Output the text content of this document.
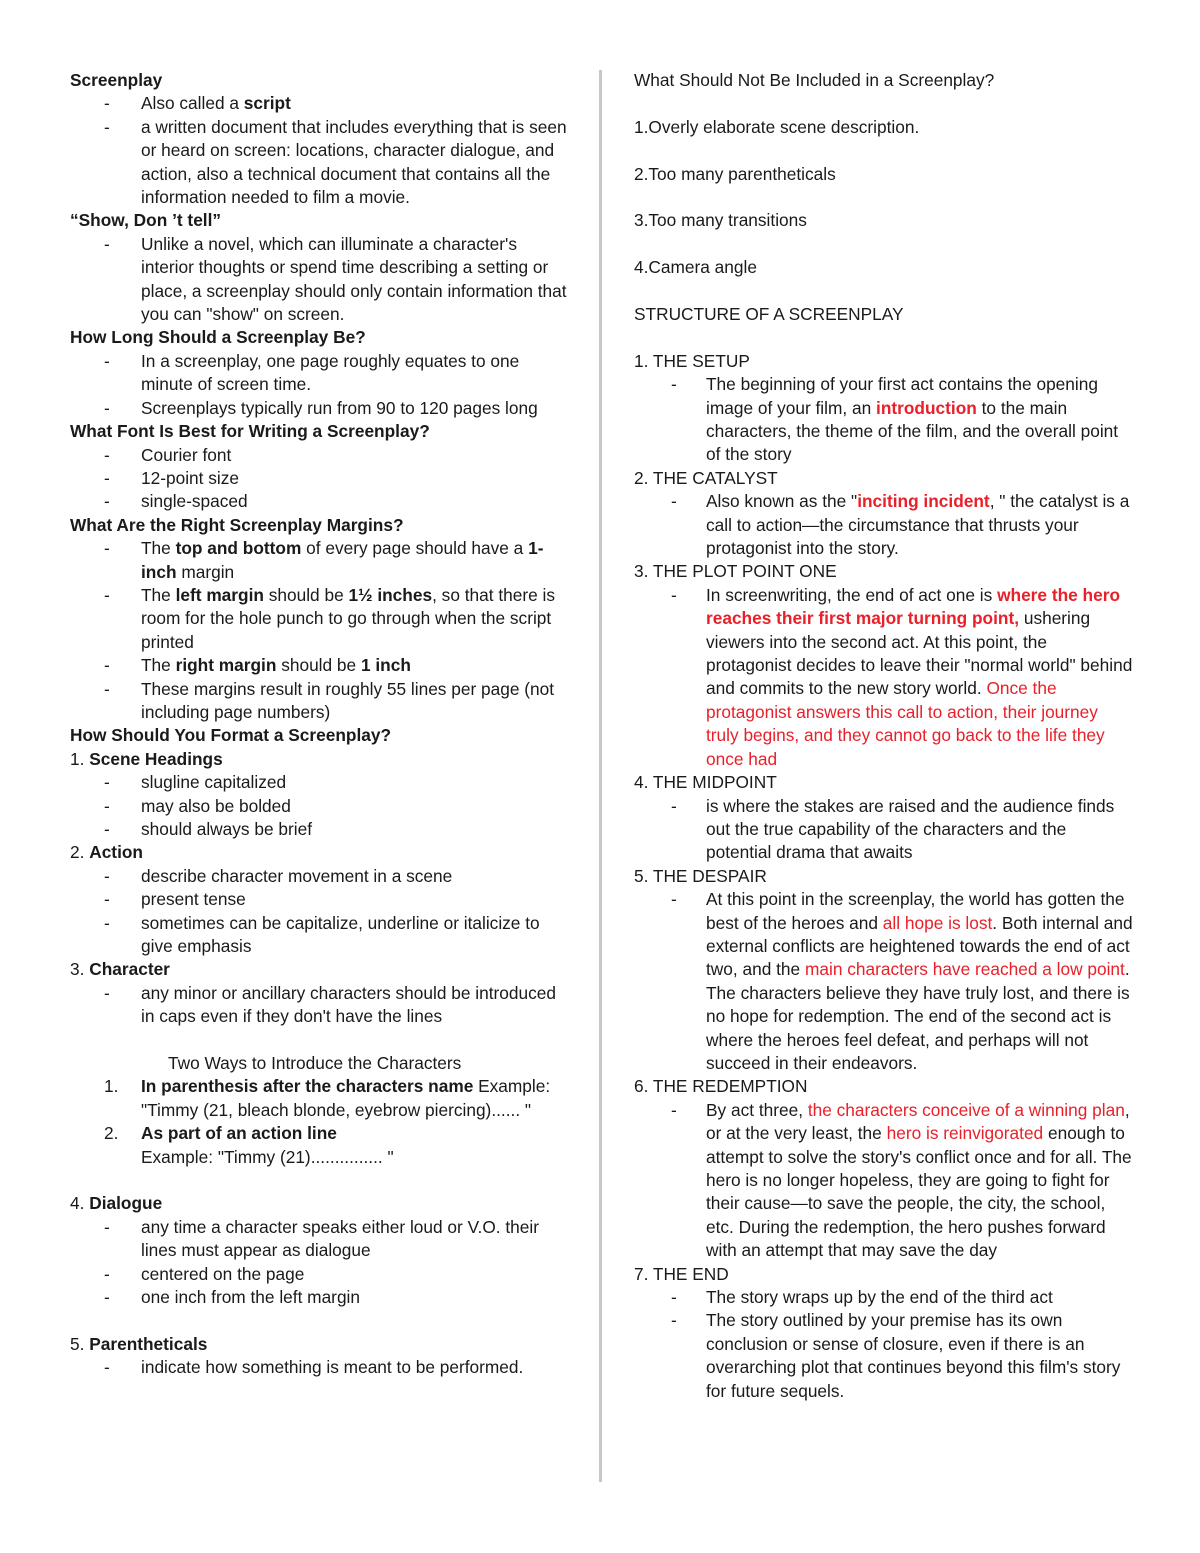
Screenplay
- Also called a script
- a written document that includes everything that is seen or heard on screen: locations, character dialogue, and action, also a technical document that contains all the information needed to film a movie.
“Show, Don ’t tell”
- Unlike a novel, which can illuminate a character's interior thoughts or spend time describing a setting or place, a screenplay should only contain information that you can "show" on screen.
How Long Should a Screenplay Be?
- In a screenplay, one page roughly equates to one minute of screen time.
- Screenplays typically run from 90 to 120 pages long
What Font Is Best for Writing a Screenplay?
- Courier font
- 12-point size
- single-spaced
What Are the Right Screenplay Margins?
- The top and bottom of every page should have a 1-inch margin
- The left margin should be 1½ inches, so that there is room for the hole punch to go through when the script printed
- The right margin should be 1 inch
- These margins result in roughly 55 lines per page (not including page numbers)
How Should You Format a Screenplay?
1. Scene Headings
- slugline capitalized
- may also be bolded
- should always be brief
2. Action
- describe character movement in a scene
- present tense
- sometimes can be capitalize, underline or italicize to give emphasis
3. Character
- any minor or ancillary characters should be introduced in caps even if they don't have the lines
Two Ways to Introduce the Characters
1. In parenthesis after the characters name Example: "Timmy (21, bleach blonde, eyebrow piercing)...... "
2. As part of an action line
Example: "Timmy (21)............... "
4. Dialogue
- any time a character speaks either loud or V.O. their lines must appear as dialogue
- centered on the page
- one inch from the left margin
5. Parentheticals
- indicate how something is meant to be performed.
What Should Not Be Included in a Screenplay?
1.Overly elaborate scene description.
2.Too many parentheticals
3.Too many transitions
4.Camera angle
STRUCTURE OF A SCREENPLAY
1. THE SETUP
- The beginning of your first act contains the opening image of your film, an introduction to the main characters, the theme of the film, and the overall point of the story
2. THE CATALYST
- Also known as the "inciting incident, " the catalyst is a call to action—the circumstance that thrusts your protagonist into the story.
3. THE PLOT POINT ONE
- In screenwriting, the end of act one is where the hero reaches their first major turning point, ushering viewers into the second act. At this point, the protagonist decides to leave their "normal world" behind and commits to the new story world. Once the protagonist answers this call to action, their journey truly begins, and they cannot go back to the life they once had
4. THE MIDPOINT
- is where the stakes are raised and the audience finds out the true capability of the characters and the potential drama that awaits
5. THE DESPAIR
- At this point in the screenplay, the world has gotten the best of the heroes and all hope is lost. Both internal and external conflicts are heightened towards the end of act two, and the main characters have reached a low point. The characters believe they have truly lost, and there is no hope for redemption. The end of the second act is where the heroes feel defeat, and perhaps will not succeed in their endeavors.
6. THE REDEMPTION
- By act three, the characters conceive of a winning plan, or at the very least, the hero is reinvigorated enough to attempt to solve the story's conflict once and for all. The hero is no longer hopeless, they are going to fight for their cause—to save the people, the city, the school, etc. During the redemption, the hero pushes forward with an attempt that may save the day
7. THE END
- The story wraps up by the end of the third act
- The story outlined by your premise has its own conclusion or sense of closure, even if there is an overarching plot that continues beyond this film's story for future sequels.
